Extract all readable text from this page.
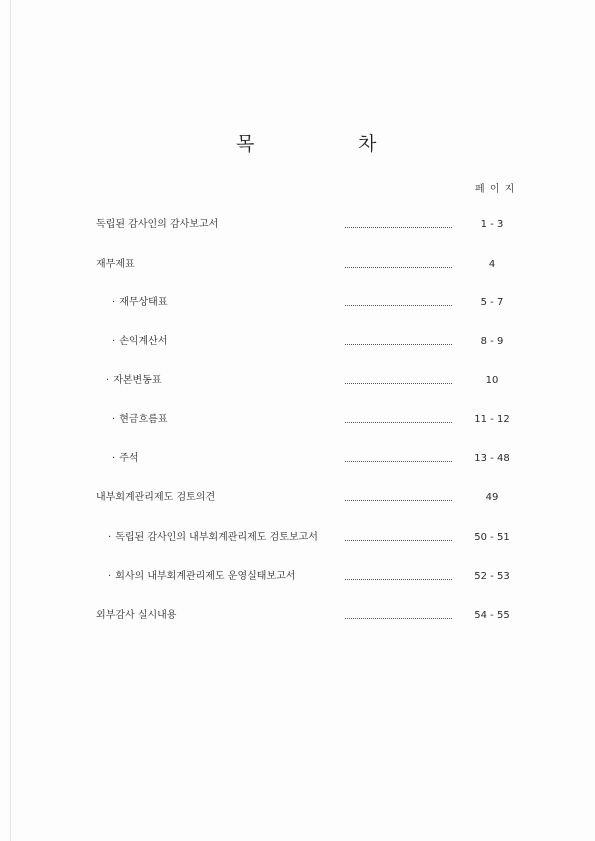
목	차
페 이 지
독립된 감사인의 감사보고서	1 - 3
재무제표	4
· 재무상태표	5 - 7
· 손익계산서	8 - 9
· 자본변동표	10
· 현금흐름표	11 - 12
· 주석	13 - 48
내부회계관리제도 검토의견	49
· 독립된 감사인의 내부회계관리제도 검토보고서	50 - 51
· 회사의 내부회계관리제도 운영실태보고서	52 - 53
외부감사 실시내용	54 - 55
